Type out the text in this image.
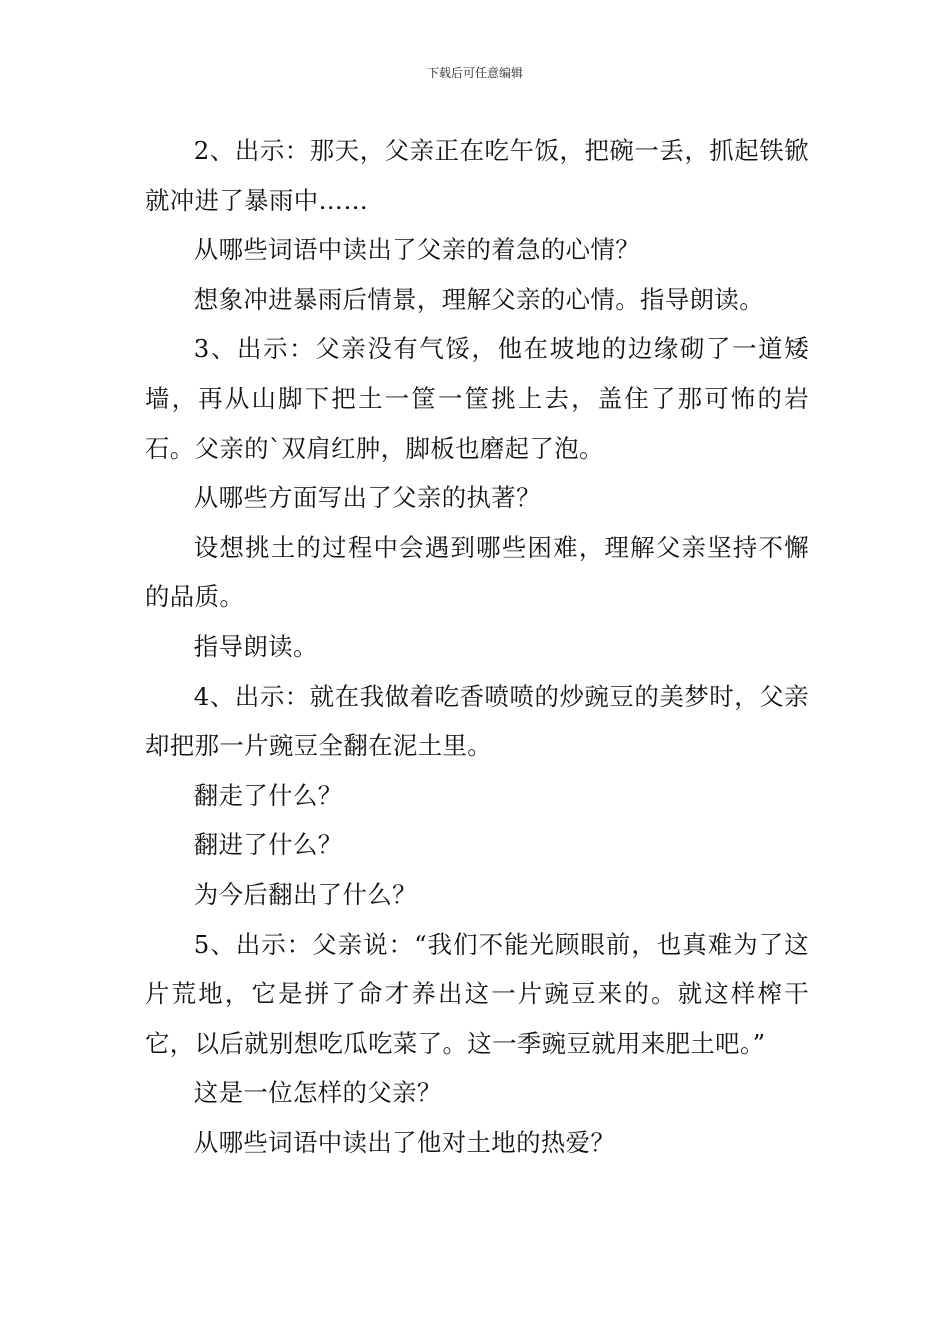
下载后可任意编辑

2、出示：那天，父亲正在吃午饭，把碗一丢，抓起铁锨就冲进了暴雨中……

从哪些词语中读出了父亲的着急的心情？

想象冲进暴雨后情景，理解父亲的心情。指导朗读。

3、出示：父亲没有气馁，他在坡地的边缘砌了一道矮墙，再从山脚下把土一筐一筐挑上去，盖住了那可怖的岩石。父亲的`双肩红肿，脚板也磨起了泡。

从哪些方面写出了父亲的执著？

设想挑土的过程中会遇到哪些困难，理解父亲坚持不懈的品质。

指导朗读。

4、出示：就在我做着吃香喷喷的炒豌豆的美梦时，父亲却把那一片豌豆全翻在泥土里。

翻走了什么？

翻进了什么？

为今后翻出了什么？

5、出示：父亲说：“我们不能光顾眼前，也真难为了这片荒地，它是拼了命才养出这一片豌豆来的。就这样榨干它，以后就别想吃瓜吃菜了。这一季豌豆就用来肥土吧。”

这是一位怎样的父亲？

从哪些词语中读出了他对土地的热爱？
